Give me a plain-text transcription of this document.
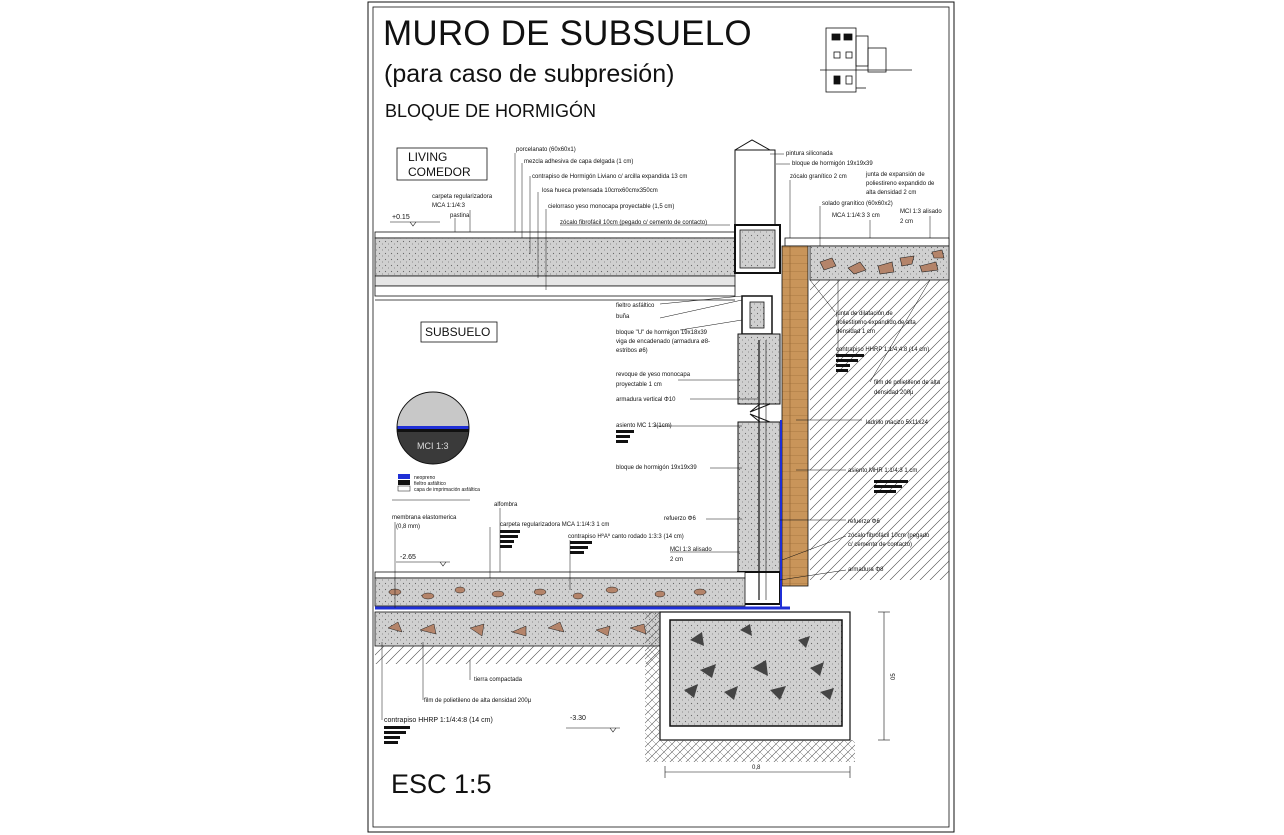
LIVING
COMEDOR
SUBSUELO
0,8
05
+0.15
-2.65
-3.30
porcelanato (60x60x1)
mezcla adhesiva de capa delgada (1 cm)
contrapiso de Hormigón Liviano c/ arcilla expandida 13 cm
losa hueca pretensada 10cmx60cmx350cm
cielorraso yeso monocapa proyectable (1,5 cm)
zócalo fibrofácil 10cm (pegado c/ cemento de contacto)
carpeta regularizadora
MCA 1:1/4:3
pastina
fieltro asfáltico
buña
bloque "U" de hormigon 19x18x39
viga de encadenado (armadura ø8-
estribos ø6)
revoque de yeso monocapa
proyectable 1 cm
armadura vertical Φ10
asiento MC 1:3(1cm)
bloque de hormigón 19x19x39
refuerzo Φ6
alfombra
membrana elastomerica
(0,8 mm)	carpeta regularizadora MCA 1:1/4:3 1 cm
contrapiso HºAº canto rodado 1:3:3 (14 cm)
MCI 1:3 alisado
2 cm
tierra compactada
film de polietileno de alta densidad 200μ
contrapiso HHRP 1:1/4:4:8 (14 cm)
pintura siliconada
bloque de hormigón 19x19x39
zócalo granítico 2 cm	junta de expansión de
poliestireno expandido de
alta densidad 2 cm
solado granítico (60x60x2)
MCA 1:1/4:3 3 cm
MCI 1:3 alisado
2 cm
junta de dilatación de
poliestireno expandido de alta
densidad 1 cm
contrapiso HHRP 1:1/4:4:8 (14 cm)
film de polietileno de alta
densidad 200μ
ladrillo macizo 5x11x24
asiento MHR 1:1/4:3 1 cm
refuerzo Φ6
zócalo fibrofácil 10cm (pegado
c/ cemento de contacto)
armadura Φ8
MCI 1:3
neopreno
fieltro asfáltico
capa de imprimación asfáltica
MURO DE SUBSUELO
(para caso de subpresión)
BLOQUE DE HORMIGÓN
ESC 1:5
